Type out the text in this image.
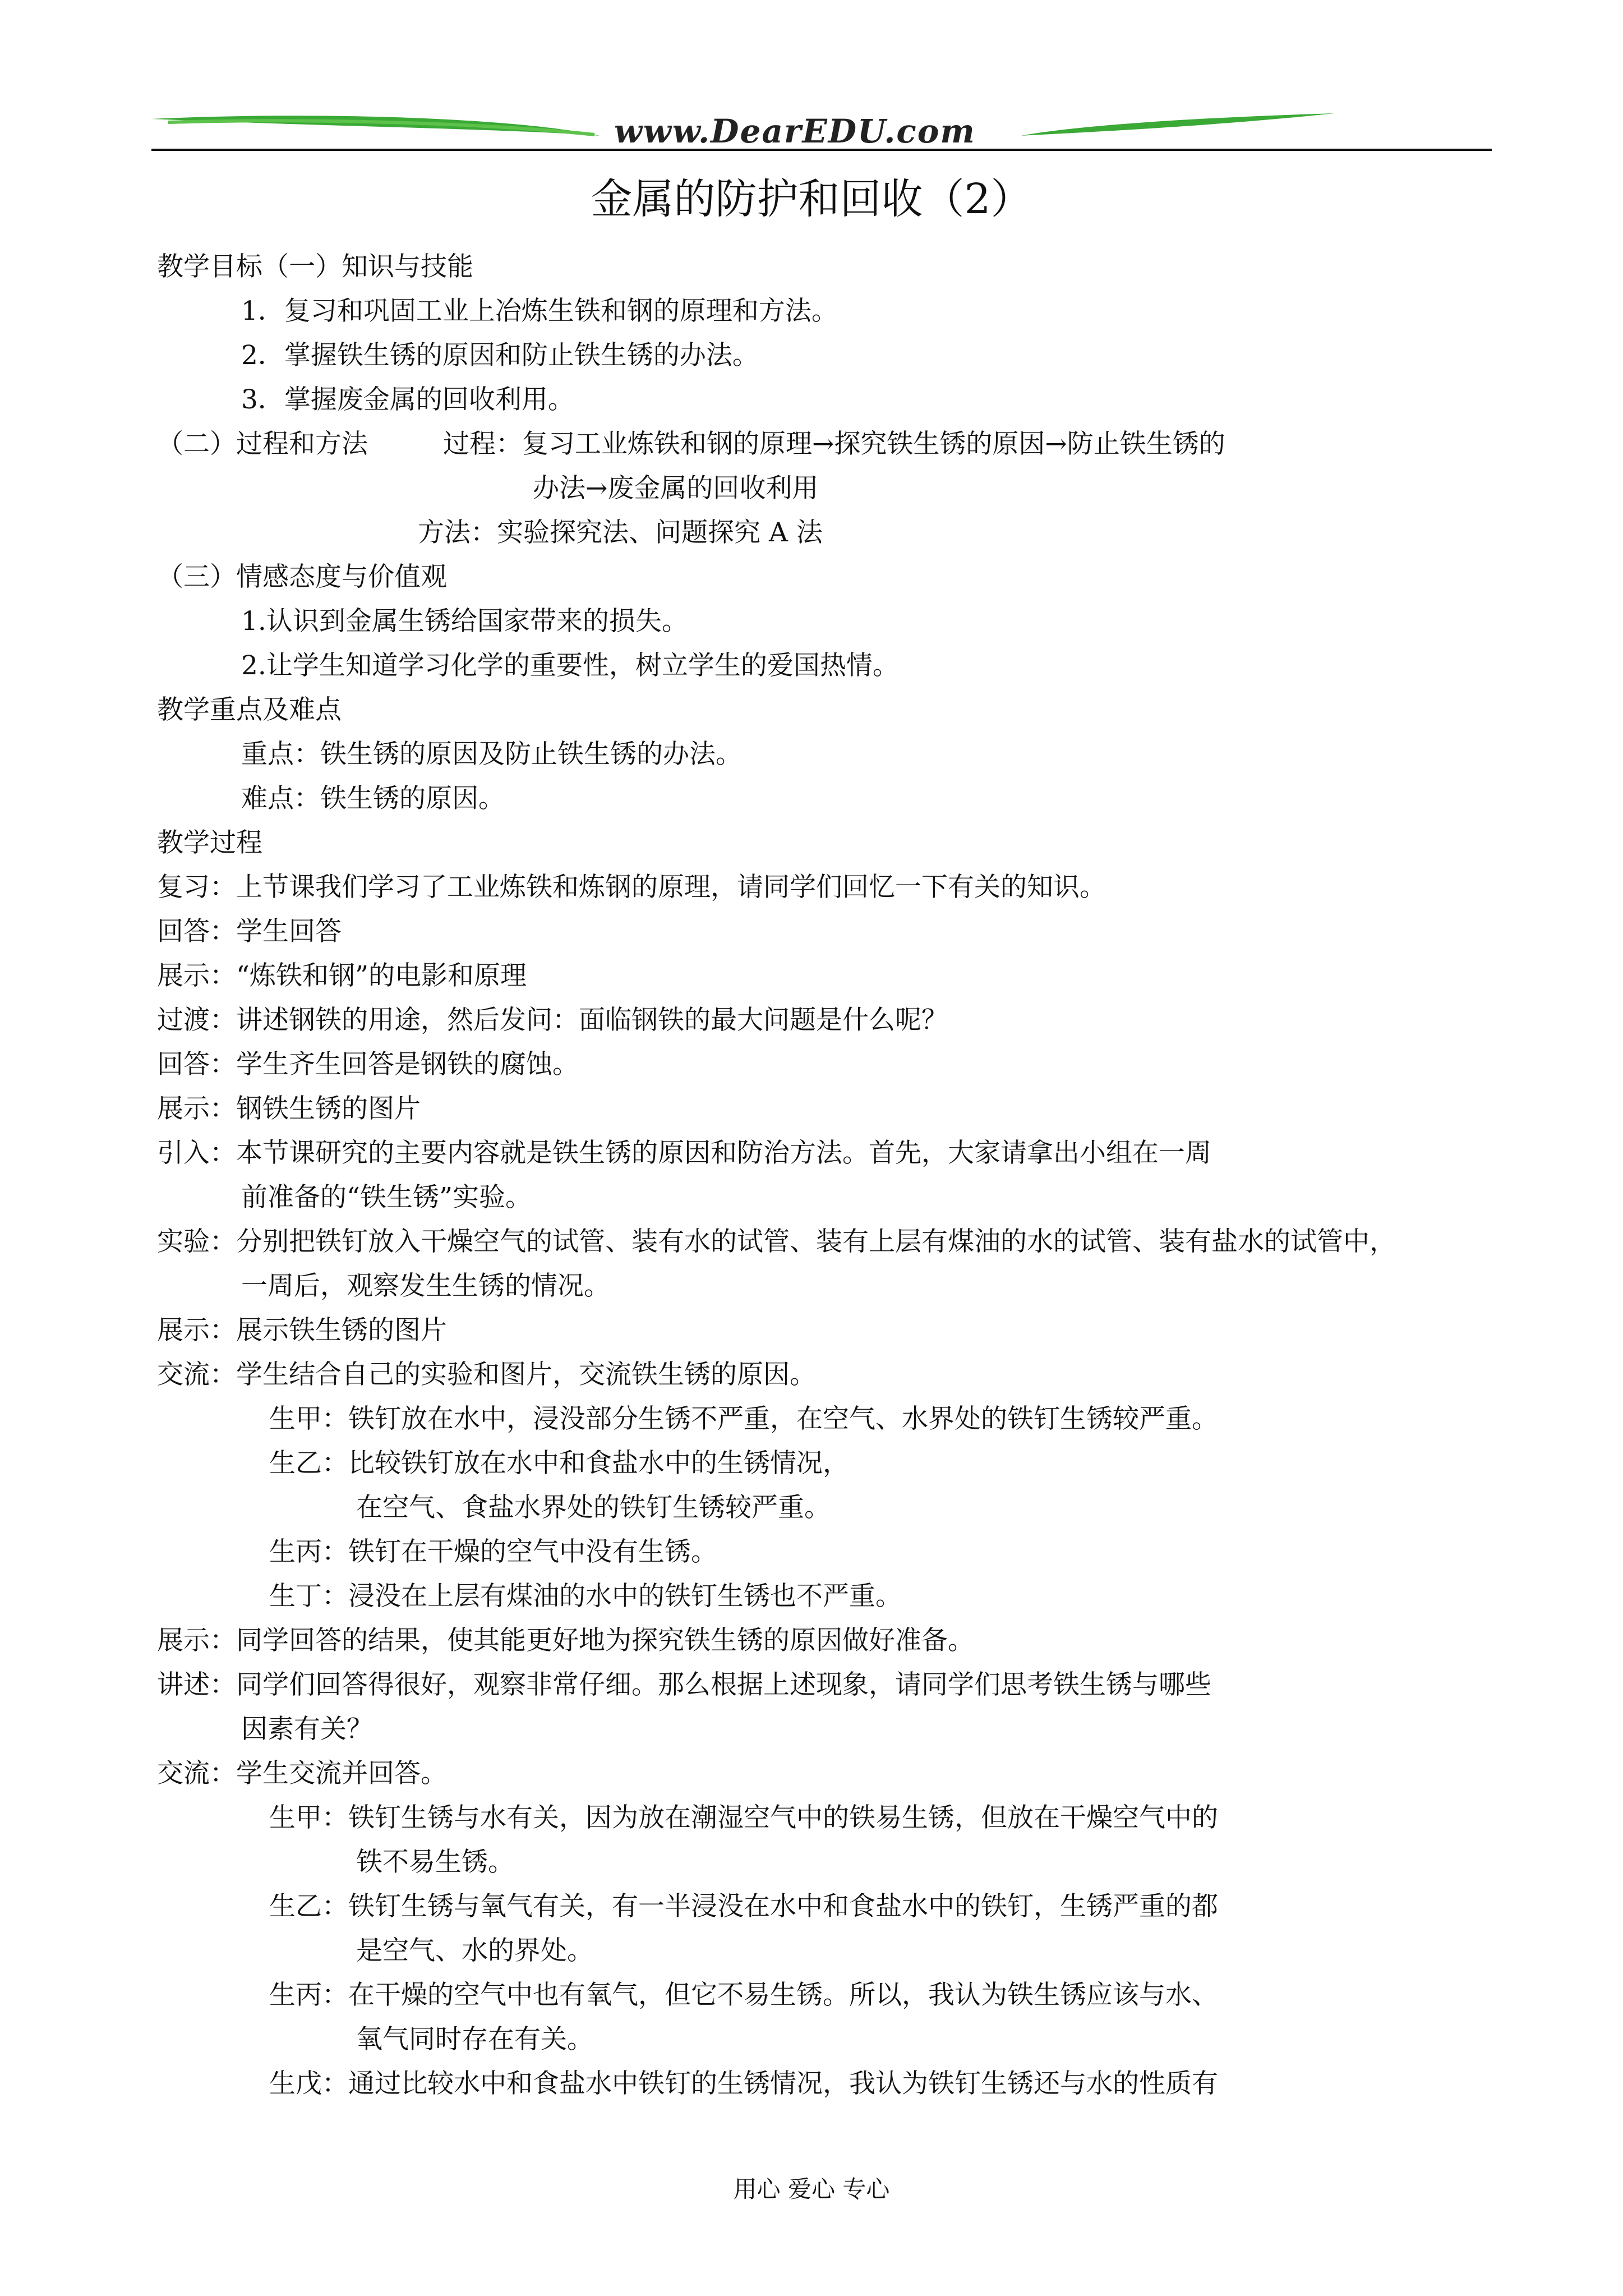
www.DearEDU.com
金属的防护和回收（2）
教学目标（一）知识与技能
1．复习和巩固工业上冶炼生铁和钢的原理和方法。
2．掌握铁生锈的原因和防止铁生锈的办法。
3．掌握废金属的回收利用。
（二）过程和方法	过程：复习工业炼铁和钢的原理→探究铁生锈的原因→防止铁生锈的
办法→废金属的回收利用
方法：实验探究法、问题探究 A 法
（三）情感态度与价值观
1.认识到金属生锈给国家带来的损失。
2.让学生知道学习化学的重要性，树立学生的爱国热情。
教学重点及难点
重点：铁生锈的原因及防止铁生锈的办法。
难点：铁生锈的原因。
教学过程
复习：上节课我们学习了工业炼铁和炼钢的原理，请同学们回忆一下有关的知识。
回答：学生回答
展示：“炼铁和钢”的电影和原理
过渡：讲述钢铁的用途，然后发问：面临钢铁的最大问题是什么呢？
回答：学生齐生回答是钢铁的腐蚀。
展示：钢铁生锈的图片
引入：本节课研究的主要内容就是铁生锈的原因和防治方法。首先，大家请拿出小组在一周
前准备的“铁生锈”实验。
实验：分别把铁钉放入干燥空气的试管、装有水的试管、装有上层有煤油的水的试管、装有盐水的试管中，
一周后，观察发生生锈的情况。
展示：展示铁生锈的图片
交流：学生结合自己的实验和图片，交流铁生锈的原因。
生甲：铁钉放在水中，浸没部分生锈不严重，在空气、水界处的铁钉生锈较严重。
生乙：比较铁钉放在水中和食盐水中的生锈情况，
在空气、食盐水界处的铁钉生锈较严重。
生丙：铁钉在干燥的空气中没有生锈。
生丁：浸没在上层有煤油的水中的铁钉生锈也不严重。
展示：同学回答的结果，使其能更好地为探究铁生锈的原因做好准备。
讲述：同学们回答得很好，观察非常仔细。那么根据上述现象，请同学们思考铁生锈与哪些
因素有关？
交流：学生交流并回答。
生甲：铁钉生锈与水有关，因为放在潮湿空气中的铁易生锈，但放在干燥空气中的
铁不易生锈。
生乙：铁钉生锈与氧气有关，有一半浸没在水中和食盐水中的铁钉，生锈严重的都
是空气、水的界处。
生丙：在干燥的空气中也有氧气，但它不易生锈。所以，我认为铁生锈应该与水、
氧气同时存在有关。
生戊：通过比较水中和食盐水中铁钉的生锈情况，我认为铁钉生锈还与水的性质有
用心 爱心 专心
